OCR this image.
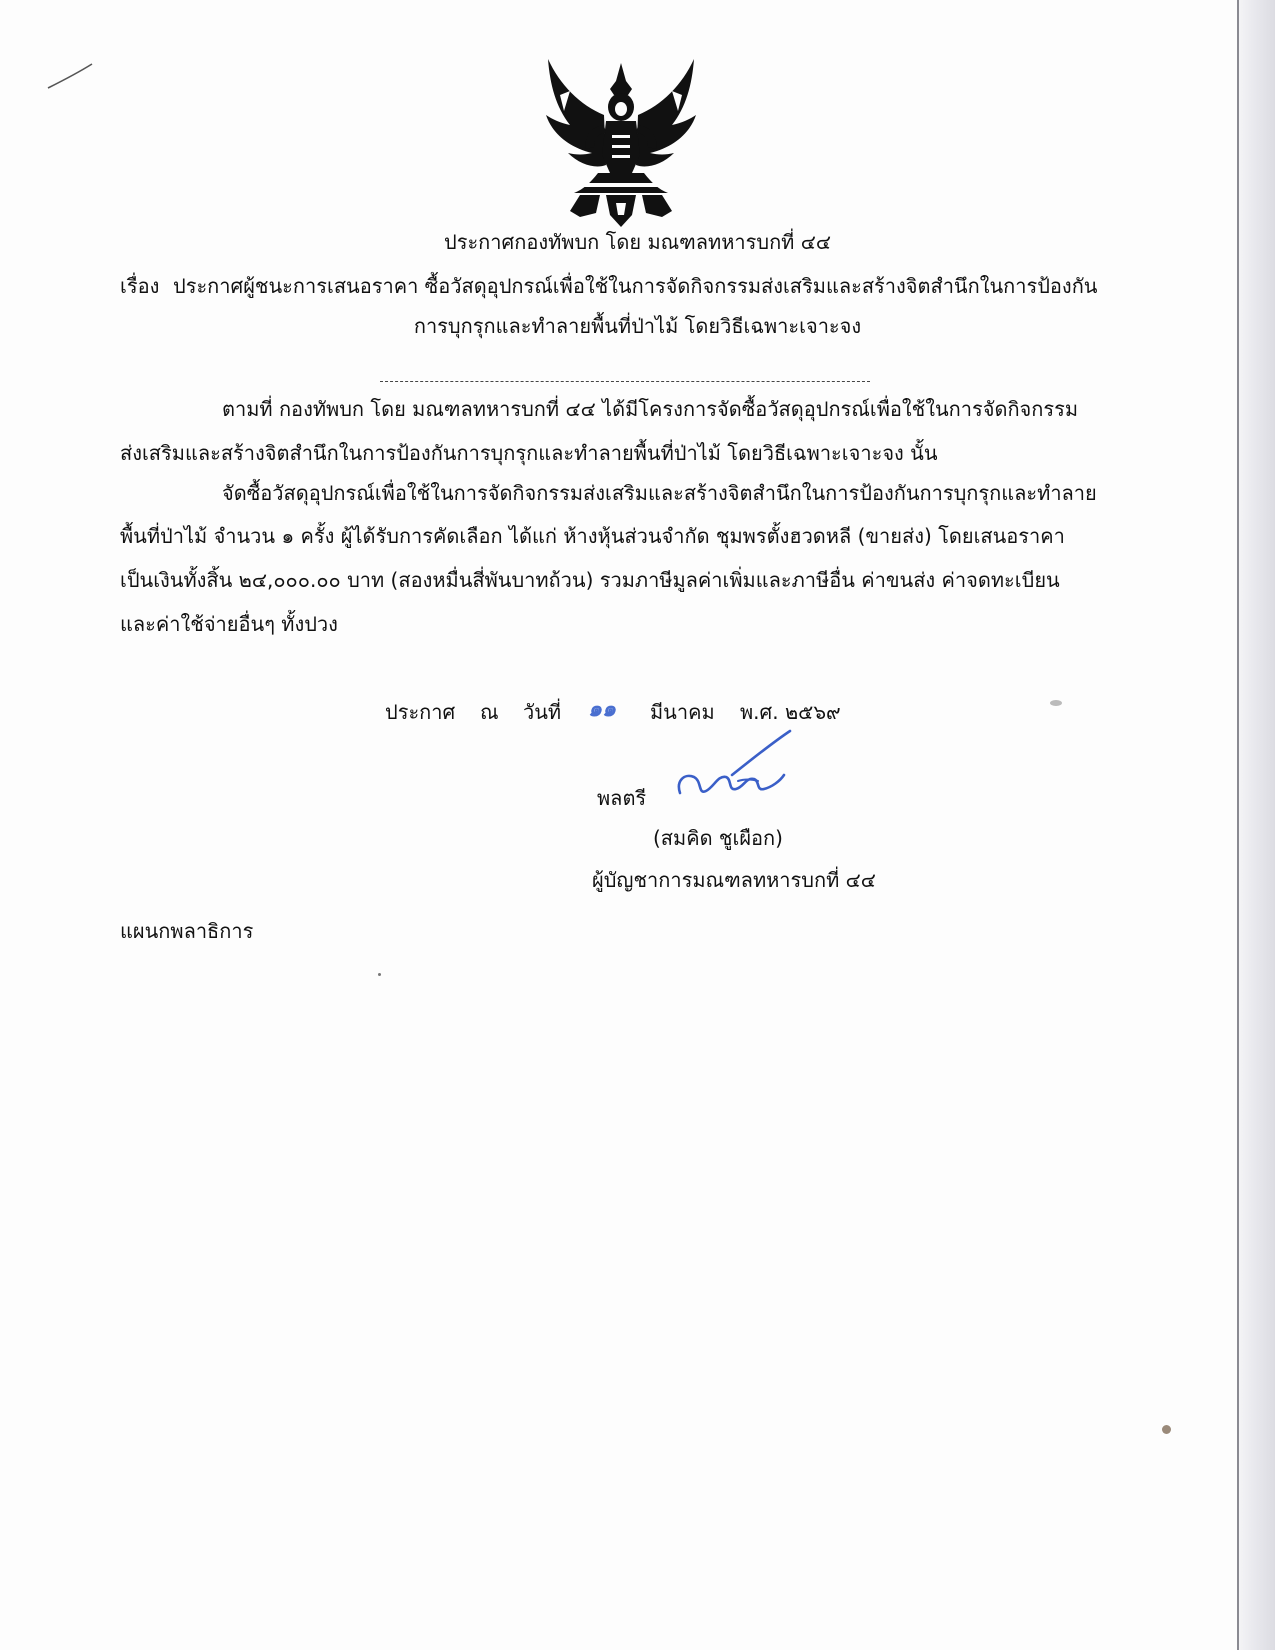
ประกาศกองทัพบก โดย มณฑลทหารบกที่ ๔๔
เรื่อง ประกาศผู้ชนะการเสนอราคา ซื้อวัสดุอุปกรณ์เพื่อใช้ในการจัดกิจกรรมส่งเสริมและสร้างจิตสำนึกในการป้องกัน
การบุกรุกและทำลายพื้นที่ป่าไม้ โดยวิธีเฉพาะเจาะจง
ตามที่ กองทัพบก โดย มณฑลทหารบกที่ ๔๔ ได้มีโครงการจัดซื้อวัสดุอุปกรณ์เพื่อใช้ในการจัดกิจกรรม
ส่งเสริมและสร้างจิตสำนึกในการป้องกันการบุกรุกและทำลายพื้นที่ป่าไม้ โดยวิธีเฉพาะเจาะจง นั้น
จัดซื้อวัสดุอุปกรณ์เพื่อใช้ในการจัดกิจกรรมส่งเสริมและสร้างจิตสำนึกในการป้องกันการบุกรุกและทำลาย
พื้นที่ป่าไม้ จำนวน ๑ ครั้ง ผู้ได้รับการคัดเลือก ได้แก่ ห้างหุ้นส่วนจำกัด ชุมพรตั้งฮวดหลี (ขายส่ง) โดยเสนอราคา
เป็นเงินทั้งสิ้น ๒๔,๐๐๐.๐๐ บาท (สองหมื่นสี่พันบาทถ้วน) รวมภาษีมูลค่าเพิ่มและภาษีอื่น ค่าขนส่ง ค่าจดทะเบียน
และค่าใช้จ่ายอื่นๆ ทั้งปวง
ประกาศ ณ วันที่ ๑๑ มีนาคม พ.ศ. ๒๕๖๙
พลตรี
(สมคิด ชูเผือก)
ผู้บัญชาการมณฑลทหารบกที่ ๔๔
แผนกพลาธิการ
